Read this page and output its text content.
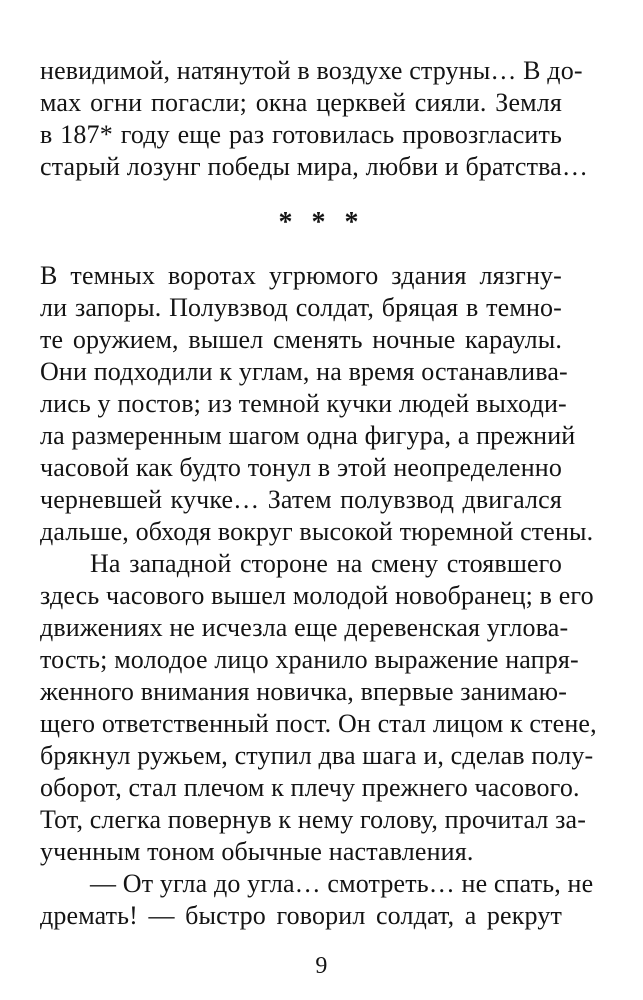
невидимой, натянутой в воздухе струны… В до-
мах огни погасли; окна церквей сияли. Земля
в 187* году еще раз готовилась провозгласить
старый лозунг победы мира, любви и братства…
* * *
В темных воротах угрюмого здания лязгну-
ли запоры. Полувзвод солдат, бряцая в темно-
те оружием, вышел сменять ночные караулы.
Они подходили к углам, на время останавлива-
лись у постов; из темной кучки людей выходи-
ла размеренным шагом одна фигура, а прежний
часовой как будто тонул в этой неопределенно
черневшей кучке… Затем полувзвод двигался
дальше, обходя вокруг высокой тюремной стены.
На западной стороне на смену стоявшего
здесь часового вышел молодой новобранец; в его
движениях не исчезла еще деревенская углова-
тость; молодое лицо хранило выражение напря-
женного внимания новичка, впервые занимаю-
щего ответственный пост. Он стал лицом к стене,
брякнул ружьем, ступил два шага и, сделав полу-
оборот, стал плечом к плечу прежнего часового.
Тот, слегка повернув к нему голову, прочитал за-
ученным тоном обычные наставления.
— От угла до угла… смотреть… не спать, не
дремать! — быстро говорил солдат, а рекрут
9
